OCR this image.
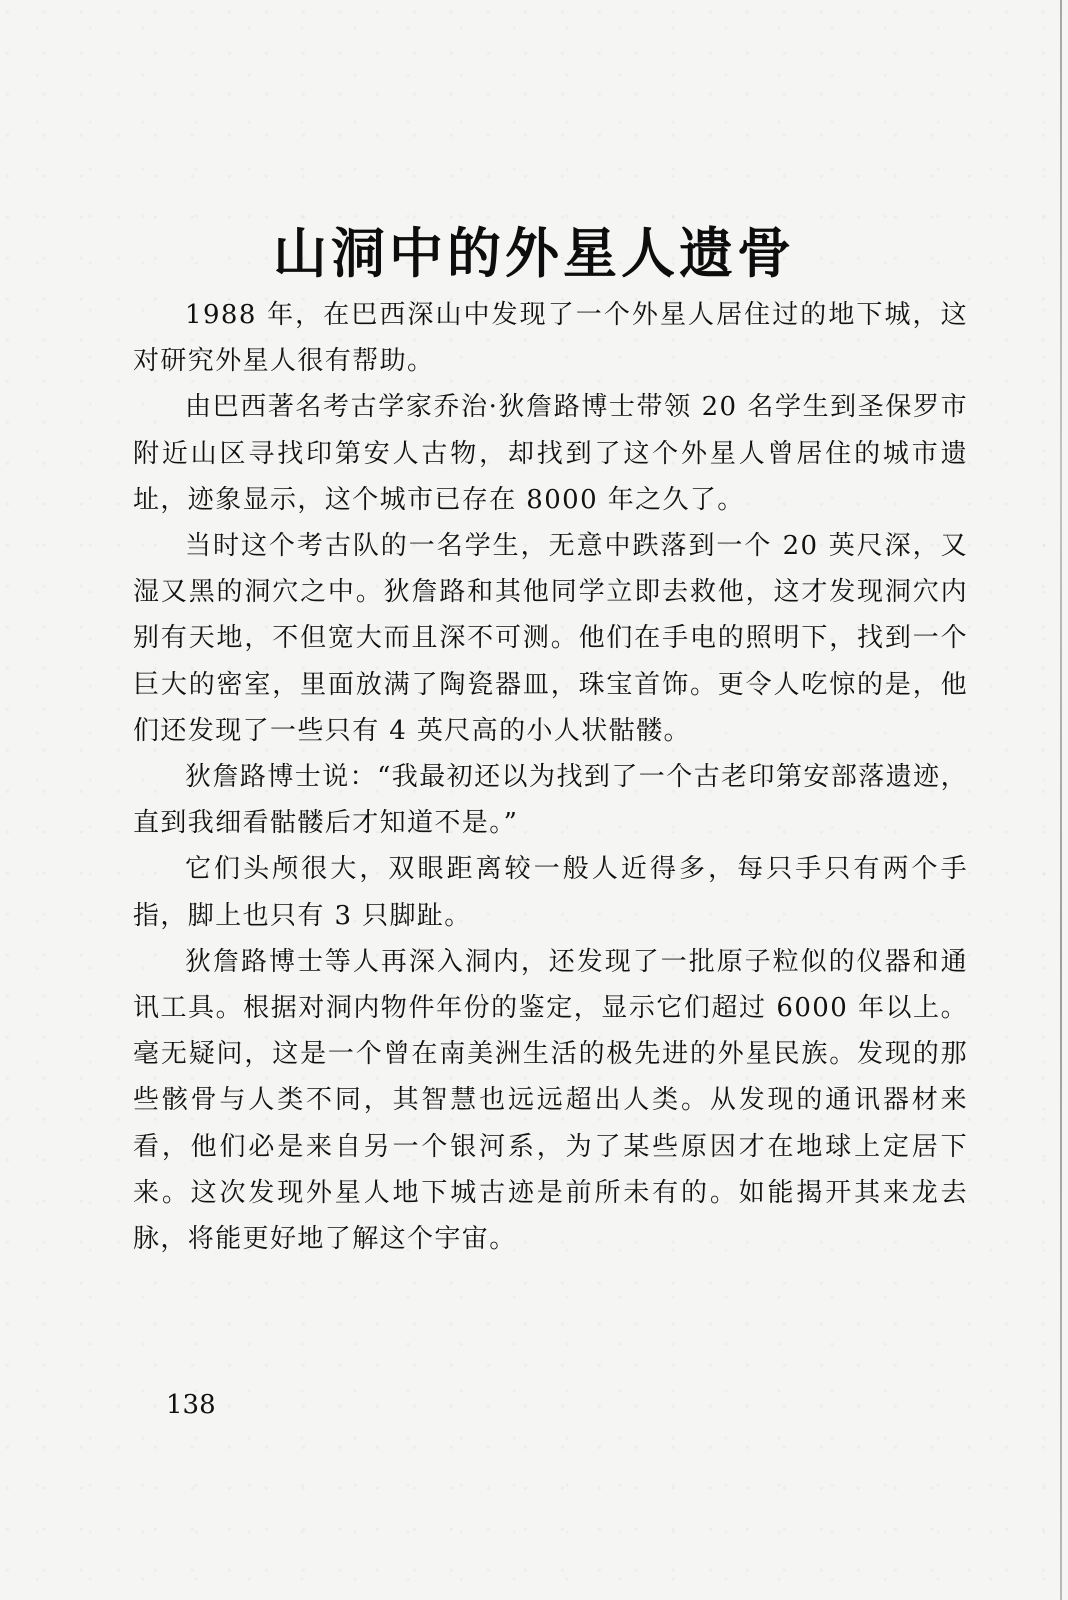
山洞中的外星人遗骨

1988 年，在巴西深山中发现了一个外星人居住过的地下城，这对研究外星人很有帮助。

由巴西著名考古学家乔治·狄詹路博士带领 20 名学生到圣保罗市附近山区寻找印第安人古物，却找到了这个外星人曾居住的城市遗址，迹象显示，这个城市已存在 8000 年之久了。

当时这个考古队的一名学生，无意中跌落到一个 20 英尺深，又湿又黑的洞穴之中。狄詹路和其他同学立即去救他，这才发现洞穴内别有天地，不但宽大而且深不可测。他们在手电的照明下，找到一个巨大的密室，里面放满了陶瓷器皿，珠宝首饰。更令人吃惊的是，他们还发现了一些只有 4 英尺高的小人状骷髅。

狄詹路博士说：“我最初还以为找到了一个古老印第安部落遗迹，直到我细看骷髅后才知道不是。”

它们头颅很大，双眼距离较一般人近得多，每只手只有两个手指，脚上也只有 3 只脚趾。

狄詹路博士等人再深入洞内，还发现了一批原子粒似的仪器和通讯工具。根据对洞内物件年份的鉴定，显示它们超过 6000 年以上。毫无疑问，这是一个曾在南美洲生活的极先进的外星民族。发现的那些骸骨与人类不同，其智慧也远远超出人类。从发现的通讯器材来看，他们必是来自另一个银河系，为了某些原因才在地球上定居下来。这次发现外星人地下城古迹是前所未有的。如能揭开其来龙去脉，将能更好地了解这个宇宙。

138
